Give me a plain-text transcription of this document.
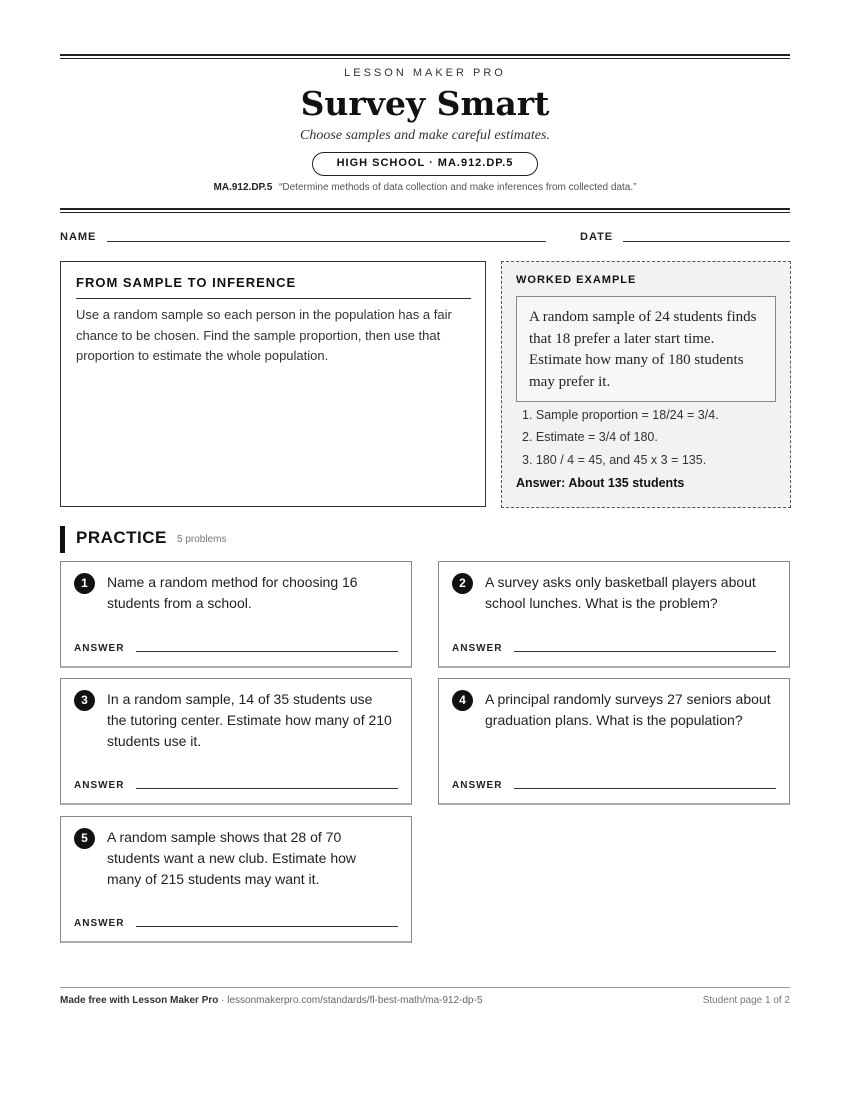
LESSON MAKER PRO
Survey Smart
Choose samples and make careful estimates.
HIGH SCHOOL · MA.912.DP.5
MA.912.DP.5 “Determine methods of data collection and make inferences from collected data.”
NAME	DATE
FROM SAMPLE TO INFERENCE
Use a random sample so each person in the population has a fair chance to be chosen. Find the sample proportion, then use that proportion to estimate the whole population.
WORKED EXAMPLE
A random sample of 24 students finds that 18 prefer a later start time. Estimate how many of 180 students may prefer it.
1. Sample proportion = 18/24 = 3/4.
2. Estimate = 3/4 of 180.
3. 180 / 4 = 45, and 45 x 3 = 135.
Answer: About 135 students
PRACTICE 5 problems
1	Name a random method for choosing 16 students from a school.
ANSWER
2	A survey asks only basketball players about school lunches. What is the problem?
ANSWER
3	In a random sample, 14 of 35 students use the tutoring center. Estimate how many of 210 students use it.
ANSWER
4	A principal randomly surveys 27 seniors about graduation plans. What is the population?
ANSWER
5	A random sample shows that 28 of 70 students want a new club. Estimate how many of 215 students may want it.
ANSWER
Made free with Lesson Maker Pro · lessonmakerpro.com/standards/fl-best-math/ma-912-dp-5	Student page 1 of 2
